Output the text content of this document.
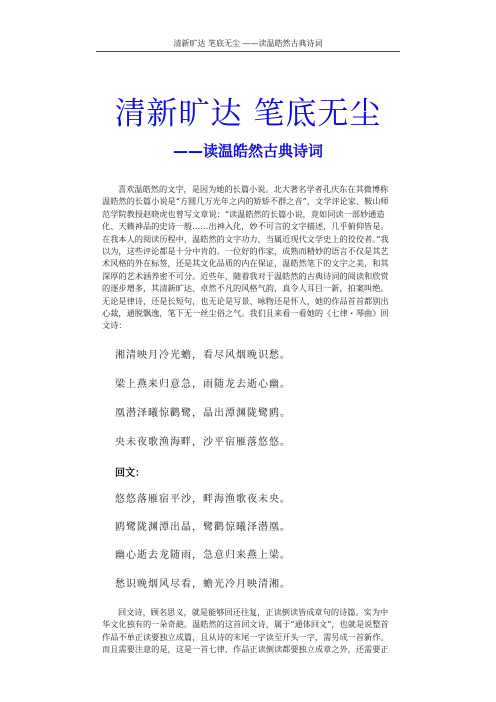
清新旷达 笔底无尘 ——读温皓然古典诗词
清新旷达 笔底无尘
——读温皓然古典诗词
喜欢温皓然的文字，是因为她的长篇小说。北大著名学者孔庆东在其微博称温皓然的长篇小说是“方圆几万光年之内的矫矫不群之音”，文学评论家、鞍山师范学院教授赵晓虎也曾写文章说：“读温皓然的长篇小说，竟如同读一部妙通造化、天籁神品的史诗一般……出神入化，妙不可言的文字描述，几乎俯仰皆是。在我本人的阅读历程中，温皓然的文字功力，当属近现代文学史上的佼佼者。”我以为，这些评论都是十分中肯的。一位好的作家，成熟而精妙的语言不仅是其艺术风格的外在标签，还是其文化品质的内在保证，温皓然笔下的文字之美，和其深厚的艺术涵养密不可分。近些年，随着我对于温皓然的古典诗词的阅读和欣赏的逐步增多，其清新旷达、卓然不凡的风格气韵，真令人耳目一新，拍案叫绝。无论是律诗，还是长短句，也无论是写景、咏物还是怀人，她的作品首首都别出心裁，通脱飘逸，笔下无一丝尘俗之气。我们且来看一看她的《七律・琴曲》回文诗：
湘清映月冷光蟾，看尽风烟晚识愁。
梁上燕来归意急，雨随龙去逝心幽。
凰潜泽曦惊鹳鹭，晶出潭渊陇鹭鸥。
央未夜歌渔海畔，沙平宿雁落悠悠。
回文：
悠悠落雁宿平沙，畔海渔歌夜未央。
鸥鹭陇渊潭出晶，鹭鹳惊曦泽潜凰。
幽心逝去龙随雨，急意归来燕上梁。
愁识晚烟风尽看，蟾光冷月映清湘。
回文诗，顾名思义，就是能够回还往复，正读倒读皆成章句的诗篇。实为中华文化独有的一朵奇葩。温皓然的这首回文诗，属于“通体回文”，也就是说整首作品不单正读要独立成篇，且从诗的末尾一字读至开头一字，需另成一首新作。而且需要注意的是，这是一首七律，作品正读倒读都要独立成章之外，还需要正
